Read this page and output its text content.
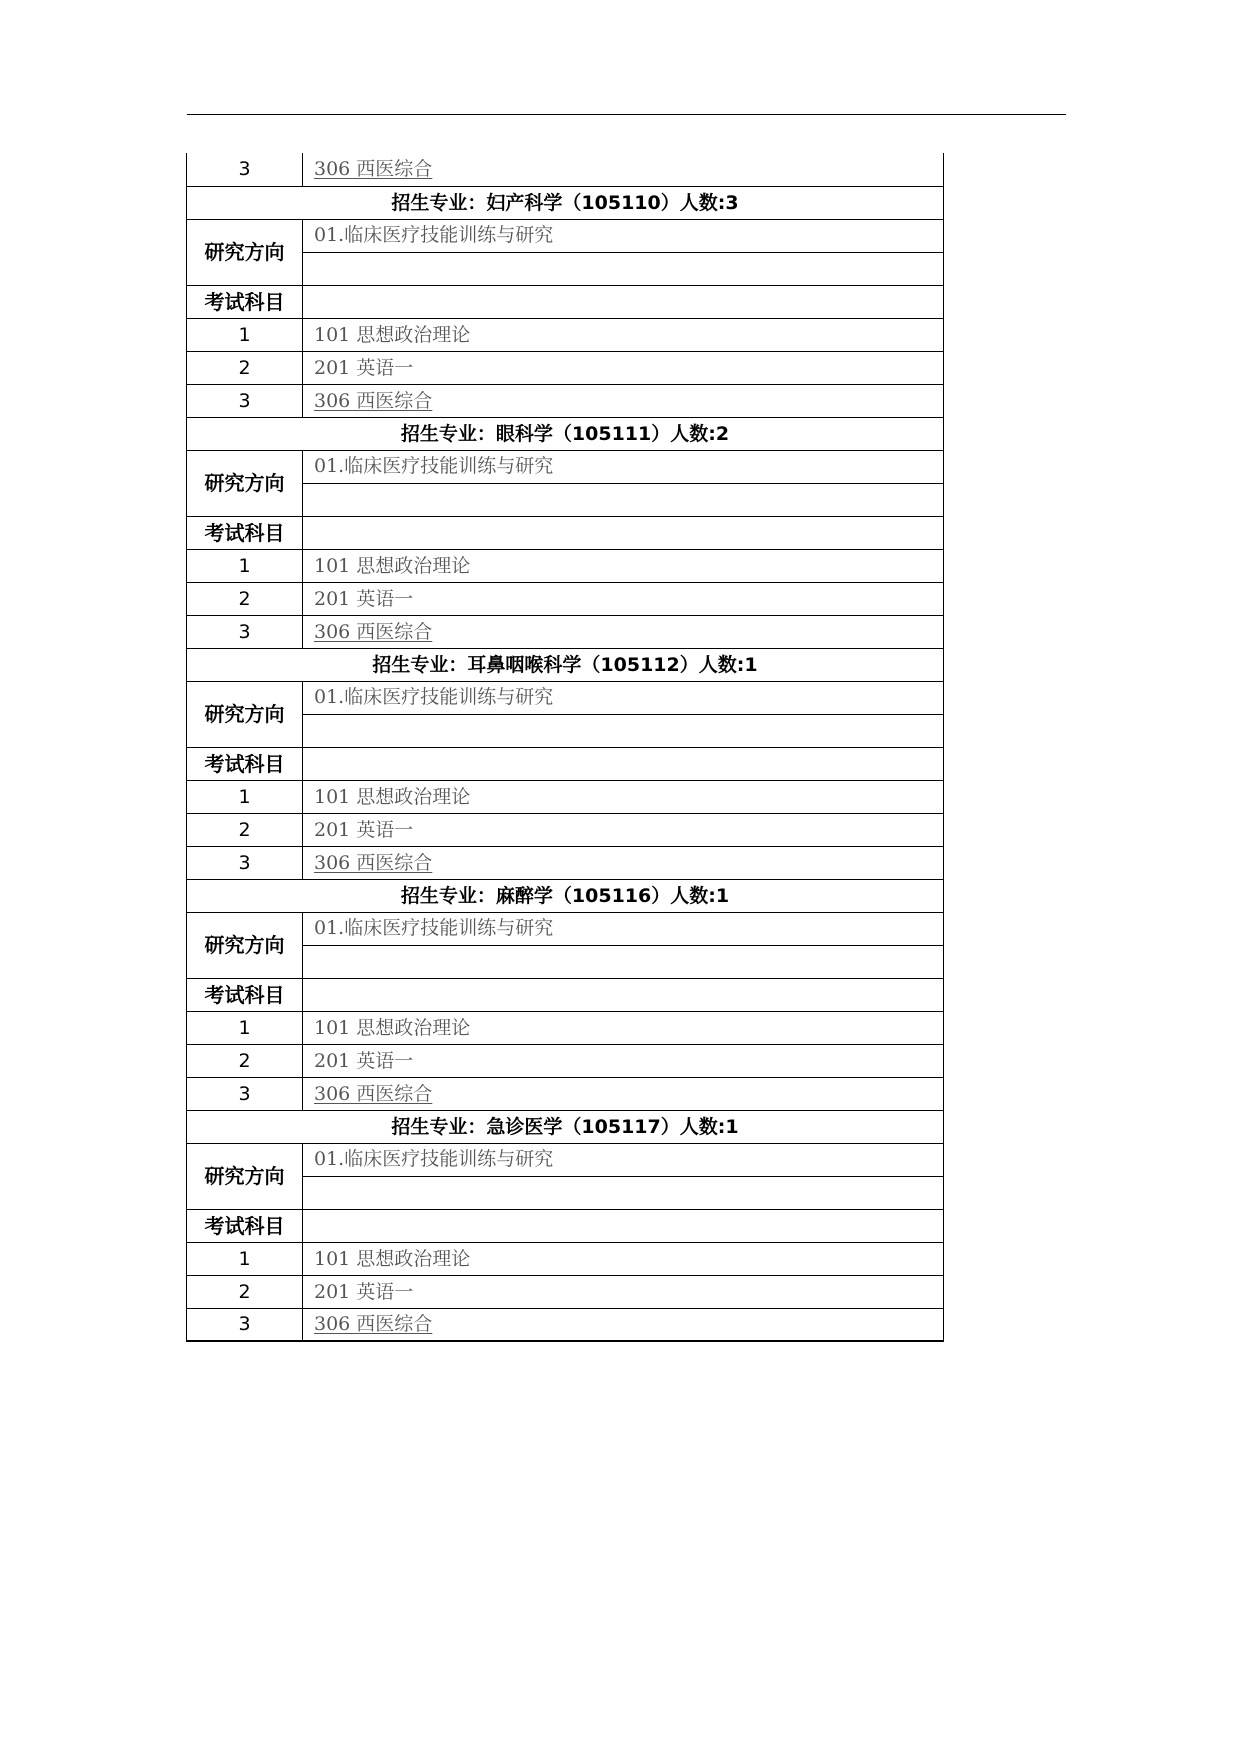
3	306 西医综合
招生专业：妇产科学（105110）人数:3	
研究方向	01.临床医疗技能训练与研究

考试科目	
1	101 思想政治理论
2	201 英语一
3	306 西医综合
招生专业：眼科学（105111）人数:2	
研究方向	01.临床医疗技能训练与研究

考试科目	
1	101 思想政治理论
2	201 英语一
3	306 西医综合
招生专业：耳鼻咽喉科学（105112）人数:1	
研究方向	01.临床医疗技能训练与研究

考试科目	
1	101 思想政治理论
2	201 英语一
3	306 西医综合
招生专业：麻醉学（105116）人数:1	
研究方向	01.临床医疗技能训练与研究

考试科目	
1	101 思想政治理论
2	201 英语一
3	306 西医综合
招生专业：急诊医学（105117）人数:1	
研究方向	01.临床医疗技能训练与研究

考试科目	
1	101 思想政治理论
2	201 英语一
3	306 西医综合
